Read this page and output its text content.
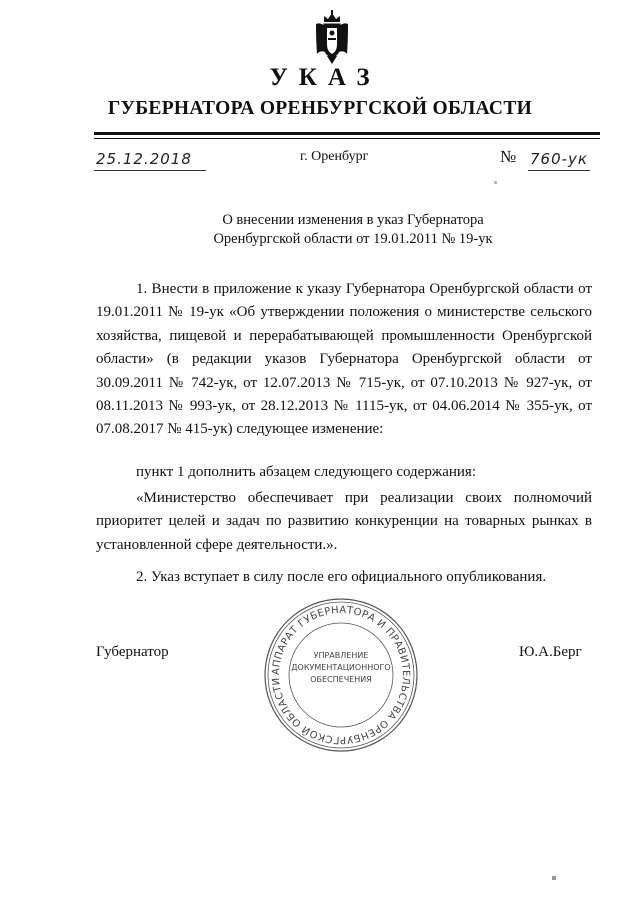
УКАЗ
ГУБЕРНАТОРА ОРЕНБУРГСКОЙ ОБЛАСТИ
25.12.2018	г. Оренбург	№ 760-ук
О внесении изменения в указ Губернатора
Оренбургской области от 19.01.2011 № 19-ук
1. Внести в приложение к указу Губернатора Оренбургской области от 19.01.2011 № 19-ук «Об утверждении положения о министерстве сельского хозяйства, пищевой и перерабатывающей промышленности Оренбургской области» (в редакции указов Губернатора Оренбургской области от 30.09.2011 № 742-ук, от 12.07.2013 № 715-ук, от 07.10.2013 № 927-ук, от 08.11.2013 № 993-ук, от 28.12.2013 № 1115-ук, от 04.06.2014 № 355-ук, от 07.08.2017 № 415-ук) следующее изменение:
пункт 1 дополнить абзацем следующего содержания:
«Министерство обеспечивает при реализации своих полномочий приоритет целей и задач по развитию конкуренции на товарных рынках в установленной сфере деятельности.».
2. Указ вступает в силу после его официального опубликования.
Губернатор	Ю.А.Берг
АППАРАТ ГУБЕРНАТОРА И ПРАВИТЕЛЬСТВА ОРЕНБУРГСКОЙ ОБЛАСТИ
УПРАВЛЕНИЕ
ДОКУМЕНТАЦИОННОГО
ОБЕСПЕЧЕНИЯ
